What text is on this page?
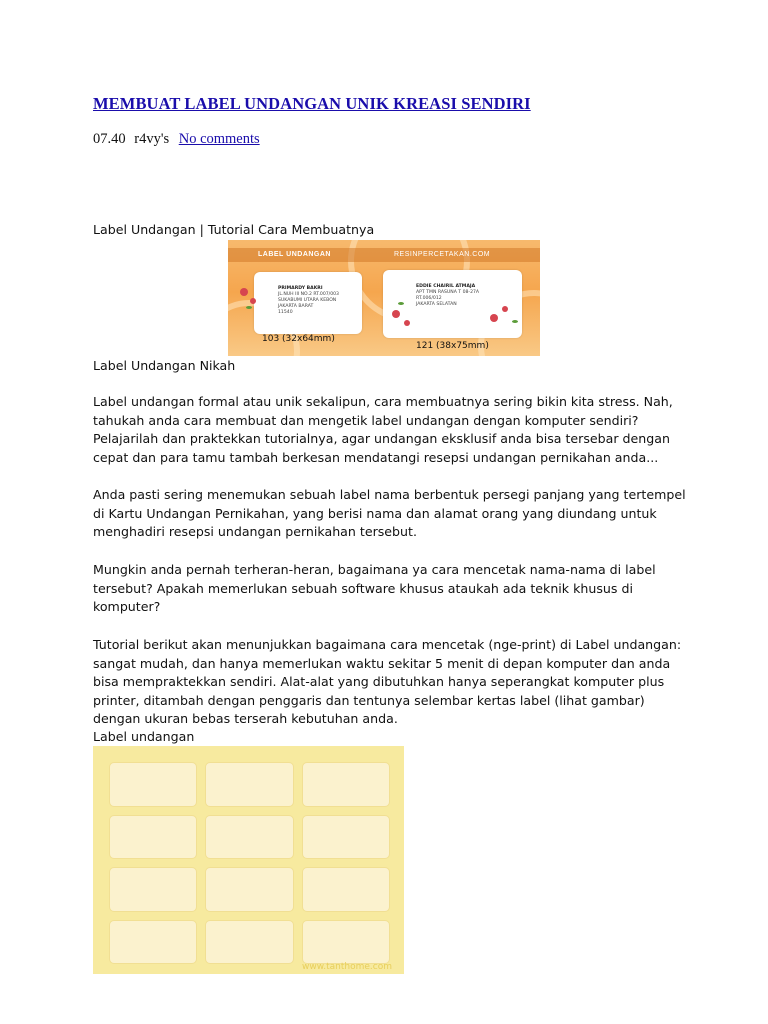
MEMBUAT LABEL UNDANGAN UNIK KREASI SENDIRI
07.40 r4vy's No comments

Label Undangan | Tutorial Cara Membuatnya

LABEL UNDANGAN	RESINPERCETAKAN.COM
PRIMARDY BAKRI
JL.NUH III NO.2 RT.007/003
SUKABUMI UTARA KEBON
JAKARTA BARAT
11540
EDDIE CHAIRIL ATMAJA
APT TMN RASUNA T 08-27A
RT.006/012
JAKARTA SELATAN
103 (32x64mm)
121 (38x75mm)

Label Undangan Nikah

Label undangan formal atau unik sekalipun, cara membuatnya sering bikin kita stress. Nah, tahukah anda cara membuat dan mengetik label undangan dengan komputer sendiri? Pelajarilah dan praktekkan tutorialnya, agar undangan eksklusif anda bisa tersebar dengan cepat dan para tamu tambah berkesan mendatangi resepsi undangan pernikahan anda...

Anda pasti sering menemukan sebuah label nama berbentuk persegi panjang yang tertempel di Kartu Undangan Pernikahan, yang berisi nama dan alamat orang yang diundang untuk menghadiri resepsi undangan pernikahan tersebut.

Mungkin anda pernah terheran-heran, bagaimana ya cara mencetak nama-nama di label tersebut? Apakah memerlukan sebuah software khusus ataukah ada teknik khusus di komputer?

Tutorial berikut akan menunjukkan bagaimana cara mencetak (nge-print) di Label undangan: sangat mudah, dan hanya memerlukan waktu sekitar 5 menit di depan komputer dan anda bisa mempraktekkan sendiri. Alat-alat yang dibutuhkan hanya seperangkat komputer plus printer, ditambah dengan penggaris dan tentunya selembar kertas label (lihat gambar) dengan ukuran bebas terserah kebutuhan anda.

Label undangan

www.tanthome.com
